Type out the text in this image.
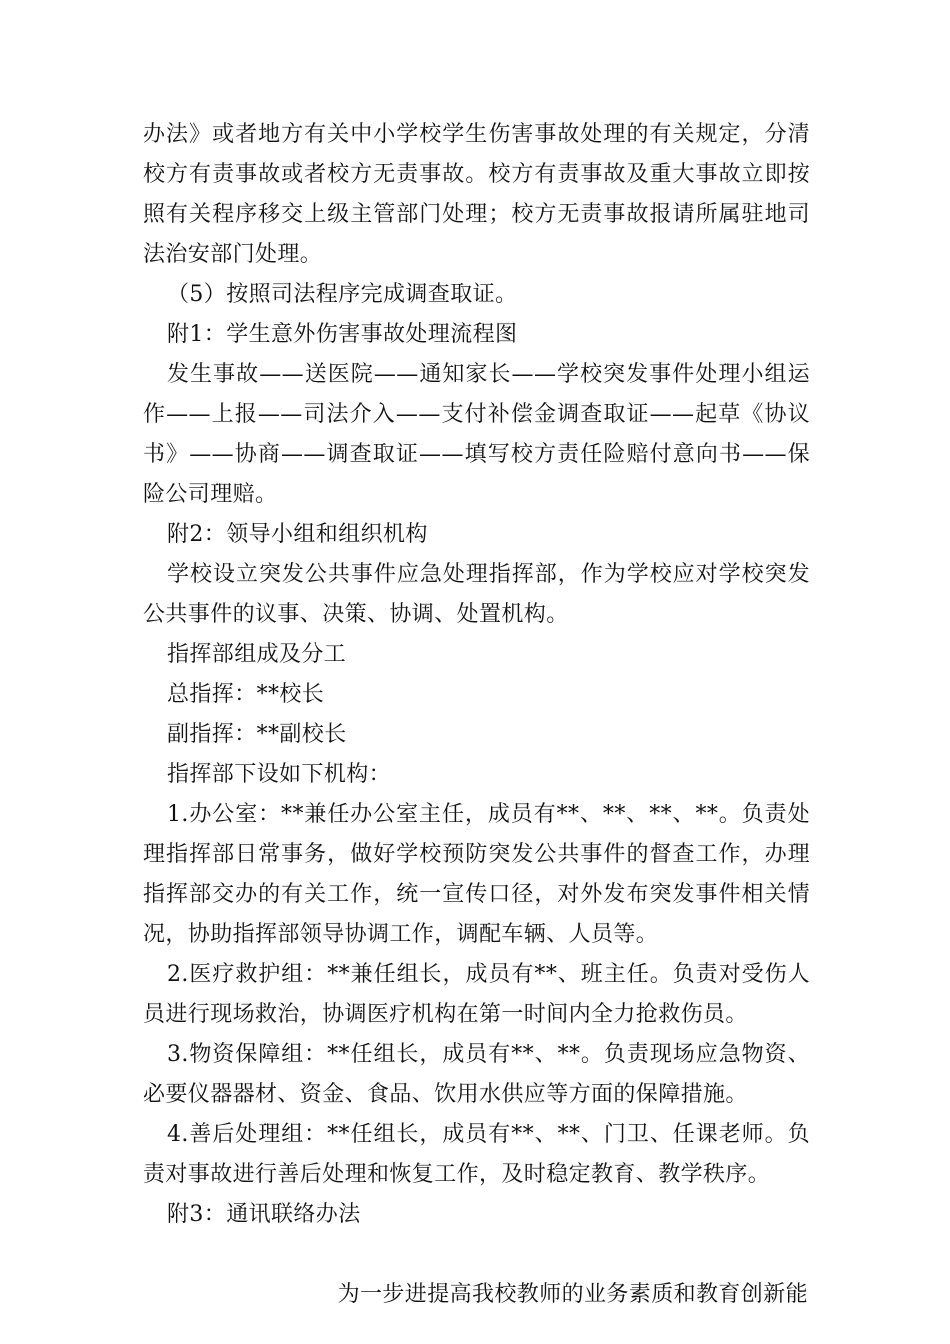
办法》或者地方有关中小学校学生伤害事故处理的有关规定，分清校方有责事故或者校方无责事故。校方有责事故及重大事故立即按照有关程序移交上级主管部门处理；校方无责事故报请所属驻地司法治安部门处理。

（5）按照司法程序完成调查取证。

附1：学生意外伤害事故处理流程图

发生事故——送医院——通知家长——学校突发事件处理小组运作——上报——司法介入——支付补偿金调查取证——起草《协议书》——协商——调查取证——填写校方责任险赔付意向书——保险公司理赔。

附2：领导小组和组织机构

学校设立突发公共事件应急处理指挥部，作为学校应对学校突发公共事件的议事、决策、协调、处置机构。

指挥部组成及分工

总指挥：**校长

副指挥：**副校长

指挥部下设如下机构：

1.办公室：**兼任办公室主任，成员有**、**、**、**。负责处理指挥部日常事务，做好学校预防突发公共事件的督查工作，办理指挥部交办的有关工作，统一宣传口径，对外发布突发事件相关情况，协助指挥部领导协调工作，调配车辆、人员等。

2.医疗救护组：**兼任组长，成员有**、班主任。负责对受伤人员进行现场救治，协调医疗机构在第一时间内全力抢救伤员。

3.物资保障组：**任组长，成员有**、**。负责现场应急物资、必要仪器器材、资金、食品、饮用水供应等方面的保障措施。

4.善后处理组：**任组长，成员有**、**、门卫、任课老师。负责对事故进行善后处理和恢复工作，及时稳定教育、教学秩序。

附3：通讯联络办法

为一步进提高我校教师的业务素质和教育创新能
